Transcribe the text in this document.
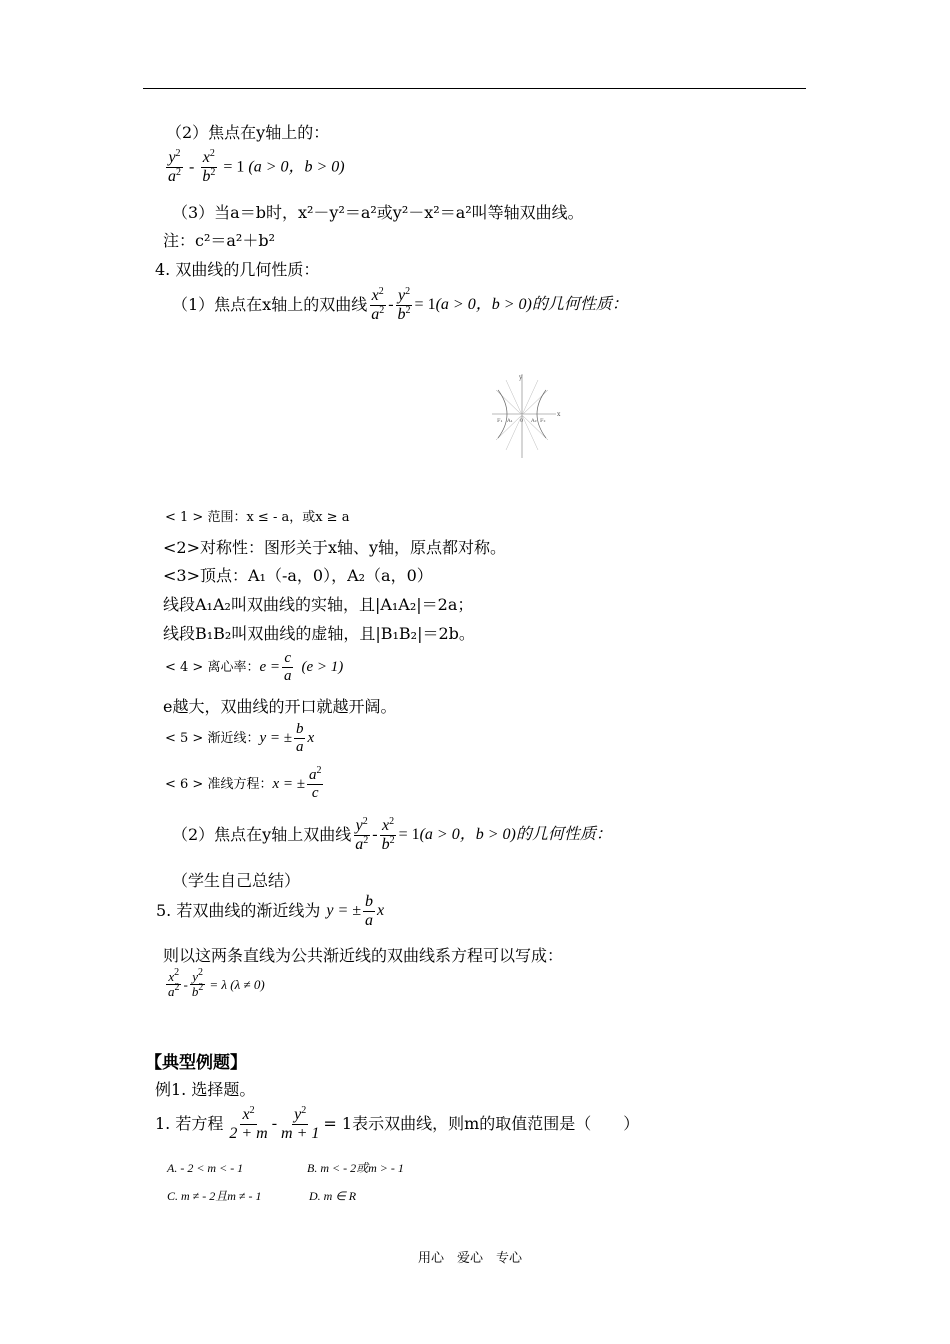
（2）焦点在y轴上的：
$\frac{y^2}{a^2} - \frac{x^2}{b^2} = 1$ (a > 0，b > 0)
（3）当a＝b时，x²－y²＝a²或y²－x²＝a²叫等轴双曲线。
注：c²＝a²＋b²
4. 双曲线的几何性质：
（1）焦点在x轴上的双曲线 $\frac{x^2}{a^2} - \frac{y^2}{b^2} = 1$ (a > 0，b > 0)的几何性质：
y
x
F₁ A₁ 0 A₂ F₂
< 1 > 范围：x ≤ - a，或x ≥ a
<2>对称性：图形关于x轴、y轴，原点都对称。
<3>顶点：A₁（-a，0），A₂（a，0）
线段A₁A₂叫双曲线的实轴，且|A₁A₂|＝2a；
线段B₁B₂叫双曲线的虚轴，且|B₁B₂|＝2b。
< 4 > 离心率： $e = \frac{c}{a} (e > 1)$
e越大，双曲线的开口就越开阔。
< 5 > 渐近线： y = ± $\frac{b}{a}$ x
< 6 > 准线方程： x = ± $\frac{a^2}{c}$
（2）焦点在y轴上双曲线 $\frac{y^2}{a^2} - \frac{x^2}{b^2} = 1$ (a > 0，b > 0)的几何性质：
（学生自己总结）
5. 若双曲线的渐近线为 y = ± $\frac{b}{a}$ x
则以这两条直线为公共渐近线的双曲线系方程可以写成：
$\frac{x^2}{a^2} - \frac{y^2}{b^2} = \lambda$ (λ ≠ 0)
【典型例题】
例1. 选择题。
1. 若方程 $\frac{x^2}{2 + m} - \frac{y^2}{m + 1} = 1$表示双曲线，则m的取值范围是（　　）
A. - 2 < m < - 1	B. m < - 2或m > - 1
C. m ≠ - 2且m ≠ - 1	D. m ∈ R
用心　爱心　专心
